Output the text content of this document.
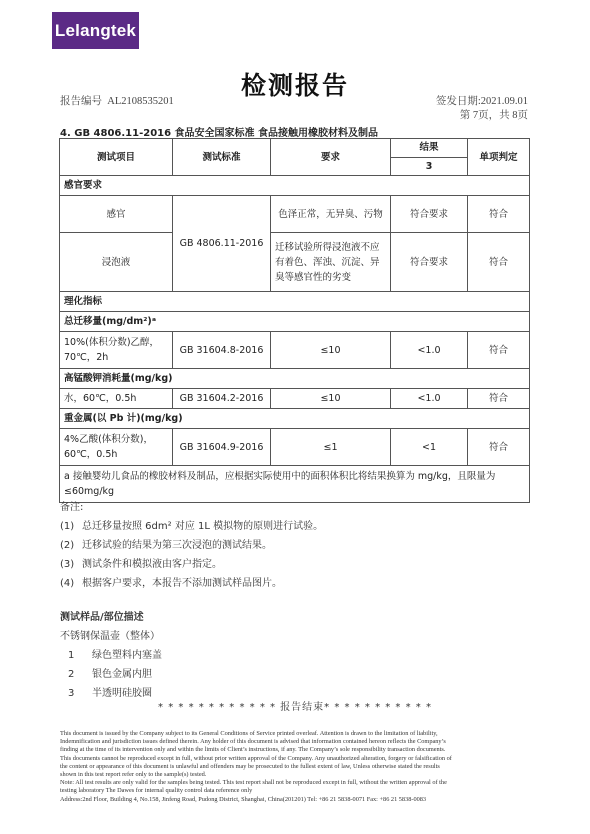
Lelangtek
检测报告
报告编号 AL2108535201	签发日期:2021.09.01
第 7页，共 8页
4. GB 4806.11-2016 食品安全国家标准 食品接触用橡胶材料及制品
测试项目	测试标准	要求	结果	单项判定
			3	
感官要求				
感官	GB 4806.11-2016	色泽正常，无异臭、污物	符合要求	符合
浸泡液		迁移试验所得浸泡液不应有着色、浑浊、沉淀、异臭等感官性的劣变	符合要求	符合
理化指标				
总迁移量(mg/dm²)ᵃ				
10%(体积分数)乙醇，70℃，2h	GB 31604.8-2016	≤10	<1.0	符合
高锰酸钾消耗量(mg/kg)				
水，60℃，0.5h	GB 31604.2-2016	≤10	<1.0	符合
重金属(以 Pb 计)(mg/kg)				
4%乙酸(体积分数)，60℃，0.5h	GB 31604.9-2016	≤1	<1	符合
a 接触婴幼儿食品的橡胶材料及制品，应根据实际使用中的面积体积比将结果换算为 mg/kg，且限量为≤60mg/kg				
备注:
(1) 总迁移量按照 6dm² 对应 1L 模拟物的原则进行试验。
(2) 迁移试验的结果为第三次浸泡的测试结果。
(3) 测试条件和模拟液由客户指定。
(4) 根据客户要求，本报告不添加测试样品图片。
测试样品/部位描述
不锈钢保温壶（整体）
1 绿色塑料内塞盖
2 银色金属内胆
3 半透明硅胶圈
* * * * * * * * * * * * 报告结束* * * * * * * * * * *
This document is issued by the Company subject to its General Conditions of Service printed overleaf. Attention is drawn to the limitation of liability,
Indemnification and jurisdiction issues defined therein. Any holder of this document is advised that information contained hereon reflects the Company’s
finding at the time of its intervention only and within the limits of Client’s instructions, if any. The Company’s sole responsibility transaction documents.
This documents cannot be reproduced except in full, without prior written approval of the Company. Any unauthorized alteration, forgery or falsification of
the content or appearance of this document is unlawful and offenders may be prosecuted to the fullest extent of law, Unless otherwise stated the results
shown in this test report refer only to the sample(s) tested.
Note: All test results are only valid for the samples being tested. This test report shall not be reproduced except in full, without the written approval of the
testing laboratory The Dawes for internal quality control data reference only
Address:2nd Floor, Building 4, No.158, Jinfeng Road, Pudong District, Shanghai, China(201201) Tel: +86 21 5838-0071 Fax: +86 21 5838-0083
